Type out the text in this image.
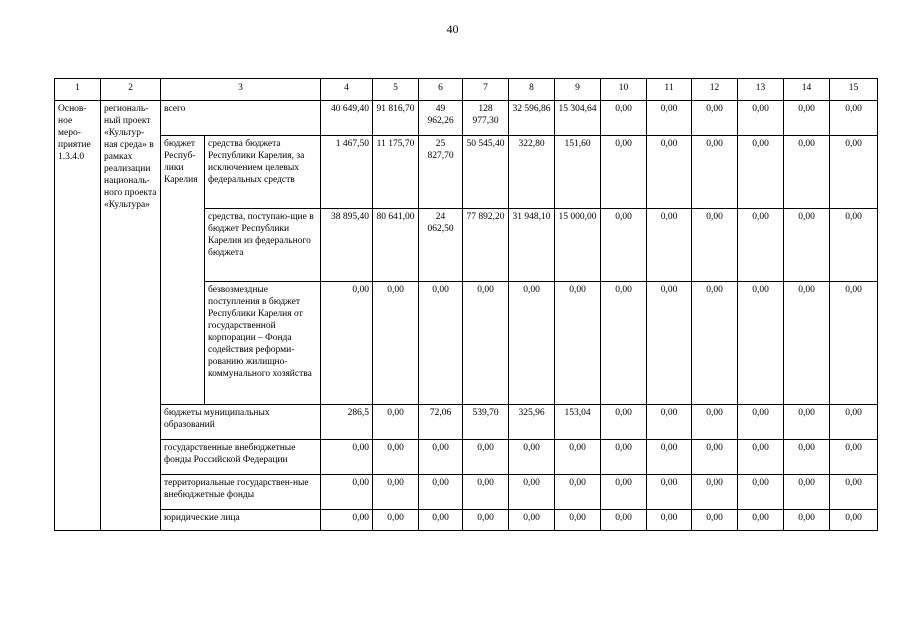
40
1	2	3		4	5	6	7	8	9	10	11	12	13	14	15
Основ-ное меро-приятие 1.3.4.0	региональ-ный проект «Культур-ная среда» в рамках реализации националь-ного проекта «Культура»	всего		40 649,40	91 816,70	49 962,26	128 977,30	32 596,86	15 304,64	0,00	0,00	0,00	0,00	0,00	0,00
		бюджет Респуб-лики Карелия	средства бюджета Республики Карелия, за исключением целевых федеральных средств	1 467,50	11 175,70	25 827,70	50 545,40	322,80	151,60	0,00	0,00	0,00	0,00	0,00	0,00
			средства, поступаю-щие в бюджет Республики Карелия из федерального бюджета	38 895,40	80 641,00	24 062,50	77 892,20	31 948,10	15 000,00	0,00	0,00	0,00	0,00	0,00	0,00
			безвозмездные поступления в бюджет Республики Карелия от государственной корпорации – Фонда содействия реформи-рованию жилищно-коммунального хозяйства	0,00	0,00	0,00	0,00	0,00	0,00	0,00	0,00	0,00	0,00	0,00	0,00
		бюджеты муниципальных образований		286,5	0,00	72,06	539,70	325,96	153,04	0,00	0,00	0,00	0,00	0,00	0,00
		государственные внебюджетные фонды Российской Федерации		0,00	0,00	0,00	0,00	0,00	0,00	0,00	0,00	0,00	0,00	0,00	0,00
		территориальные государствен-ные внебюджетные фонды		0,00	0,00	0,00	0,00	0,00	0,00	0,00	0,00	0,00	0,00	0,00	0,00
		юридические лица		0,00	0,00	0,00	0,00	0,00	0,00	0,00	0,00	0,00	0,00	0,00	0,00
